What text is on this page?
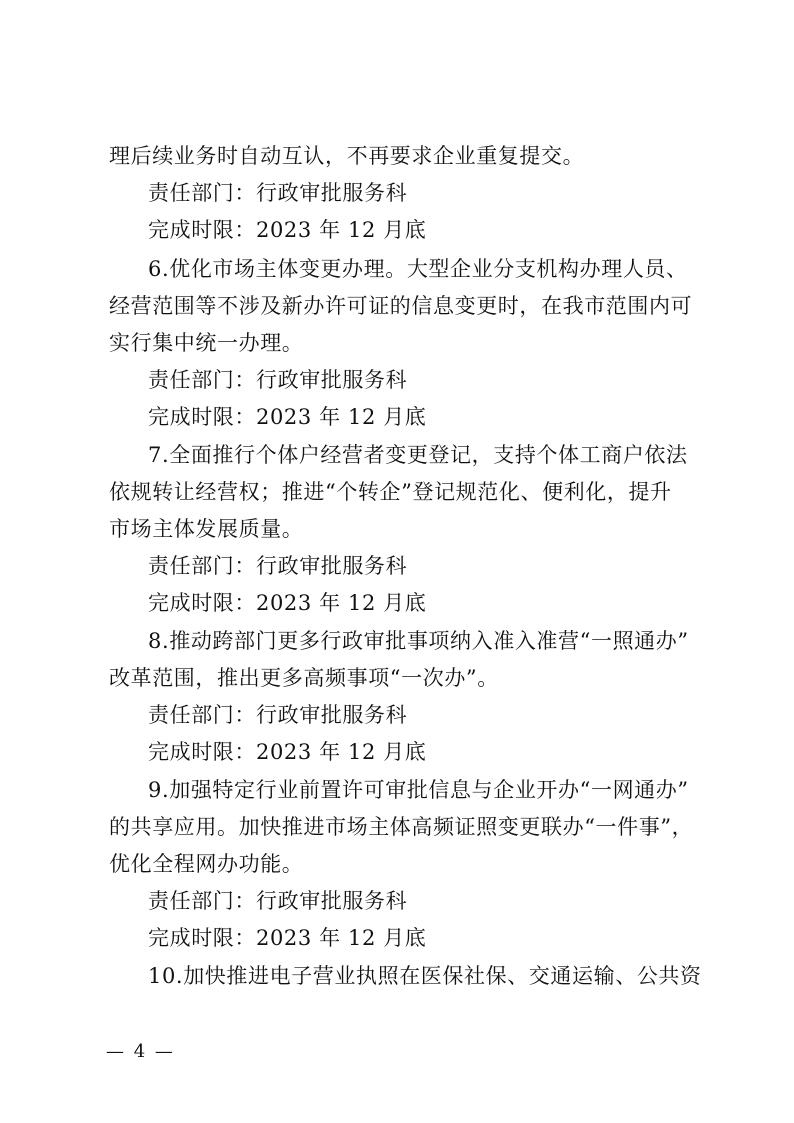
理后续业务时自动互认，不再要求企业重复提交。
责任部门：行政审批服务科
完成时限：2023 年 12 月底
6.优化市场主体变更办理。大型企业分支机构办理人员、
经营范围等不涉及新办许可证的信息变更时，在我市范围内可
实行集中统一办理。
责任部门：行政审批服务科
完成时限：2023 年 12 月底
7.全面推行个体户经营者变更登记，支持个体工商户依法
依规转让经营权；推进“个转企”登记规范化、便利化，提升
市场主体发展质量。
责任部门：行政审批服务科
完成时限：2023 年 12 月底
8.推动跨部门更多行政审批事项纳入准入准营“一照通办”
改革范围，推出更多高频事项“一次办”。
责任部门：行政审批服务科
完成时限：2023 年 12 月底
9.加强特定行业前置许可审批信息与企业开办“一网通办”
的共享应用。加快推进市场主体高频证照变更联办“一件事”，
优化全程网办功能。
责任部门：行政审批服务科
完成时限：2023 年 12 月底
10.加快推进电子营业执照在医保社保、交通运输、公共资
— 4 —
